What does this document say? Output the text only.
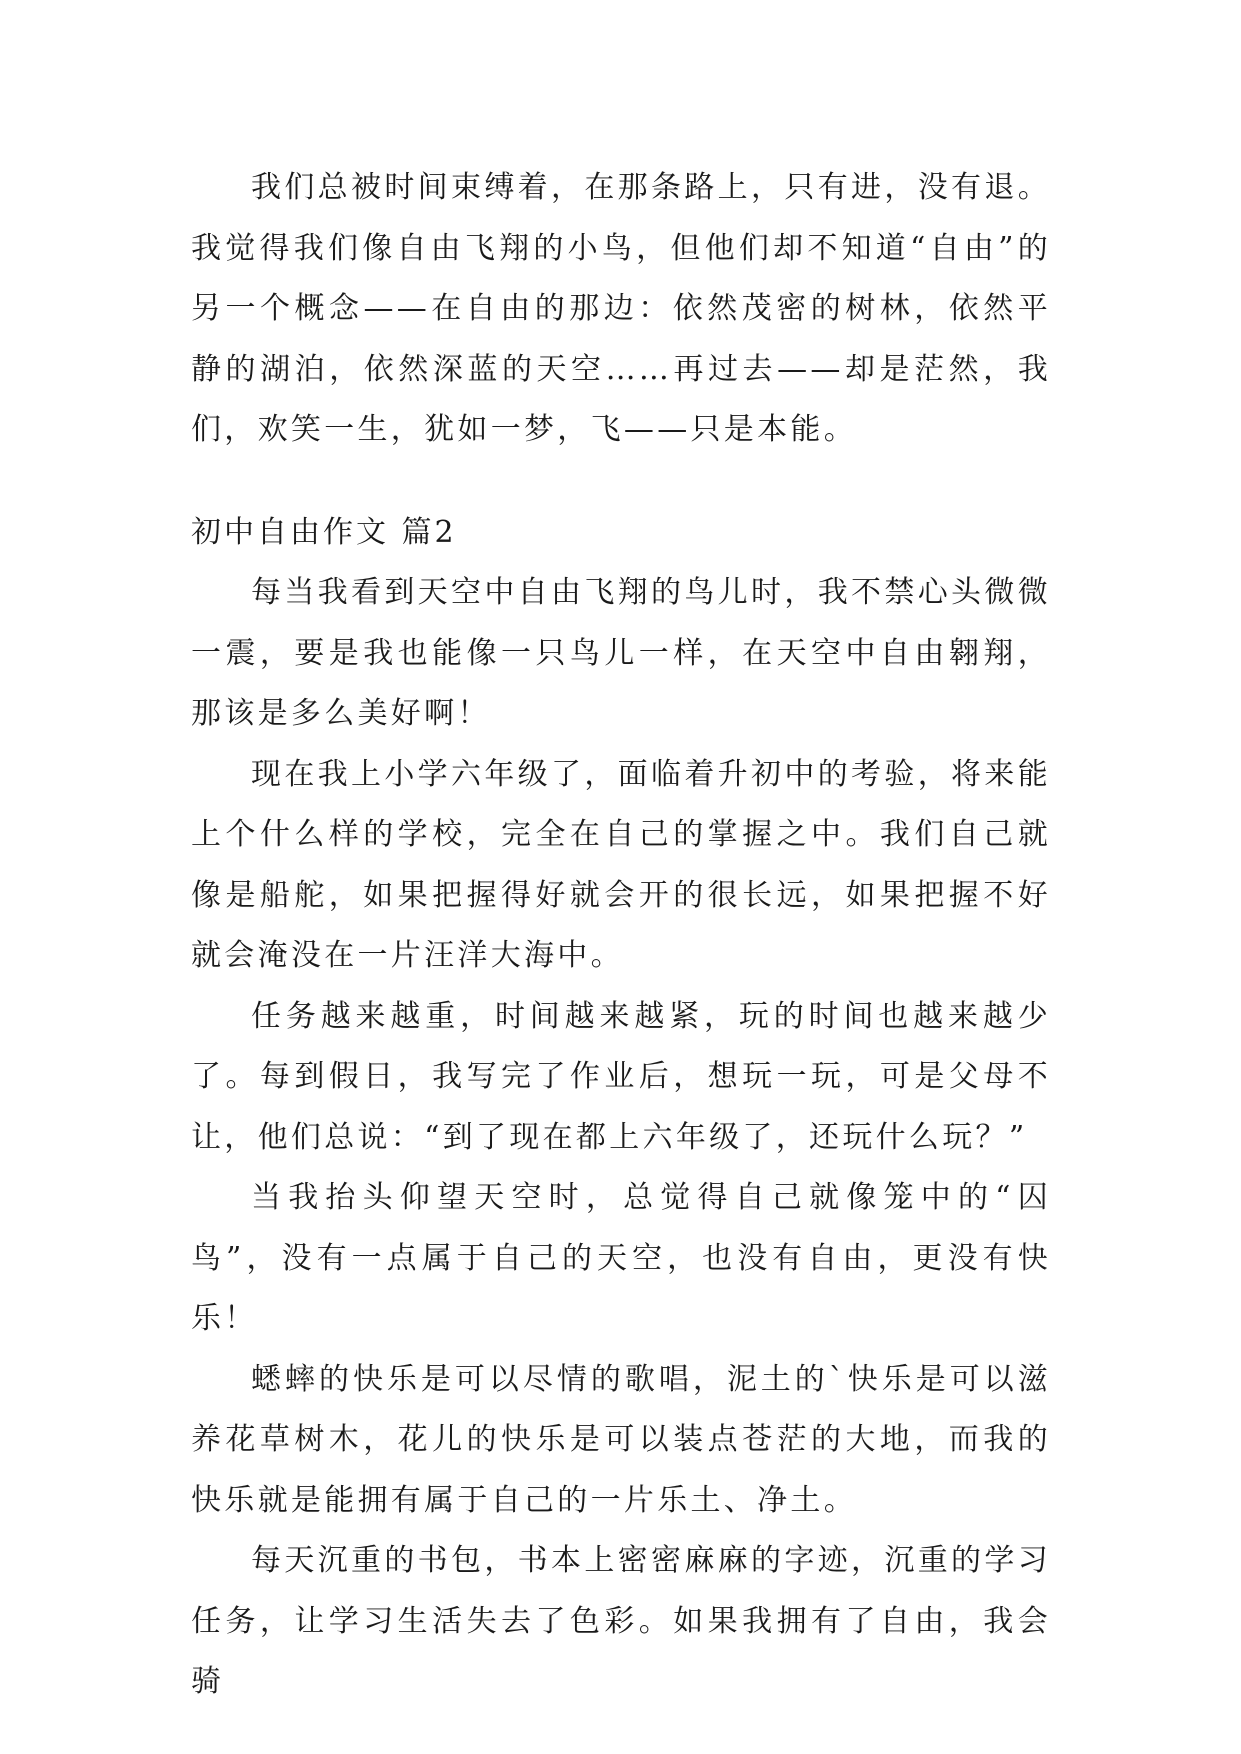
我们总被时间束缚着，在那条路上，只有进，没有退。我觉得我们像自由飞翔的小鸟，但他们却不知道“自由”的另一个概念——在自由的那边：依然茂密的树林，依然平静的湖泊，依然深蓝的天空……再过去——却是茫然，我们，欢笑一生，犹如一梦，飞——只是本能。

初中自由作文 篇2

每当我看到天空中自由飞翔的鸟儿时，我不禁心头微微一震，要是我也能像一只鸟儿一样，在天空中自由翱翔，那该是多么美好啊！

现在我上小学六年级了，面临着升初中的考验，将来能上个什么样的学校，完全在自己的掌握之中。我们自己就像是船舵，如果把握得好就会开的很长远，如果把握不好就会淹没在一片汪洋大海中。

任务越来越重，时间越来越紧，玩的时间也越来越少了。每到假日，我写完了作业后，想玩一玩，可是父母不让，他们总说：“到了现在都上六年级了，还玩什么玩？”

当我抬头仰望天空时，总觉得自己就像笼中的“囚鸟”，没有一点属于自己的天空，也没有自由，更没有快乐！

蟋蟀的快乐是可以尽情的歌唱，泥土的`快乐是可以滋养花草树木，花儿的快乐是可以装点苍茫的大地，而我的快乐就是能拥有属于自己的一片乐土、净土。

每天沉重的书包，书本上密密麻麻的字迹，沉重的学习任务，让学习生活失去了色彩。如果我拥有了自由，我会骑
